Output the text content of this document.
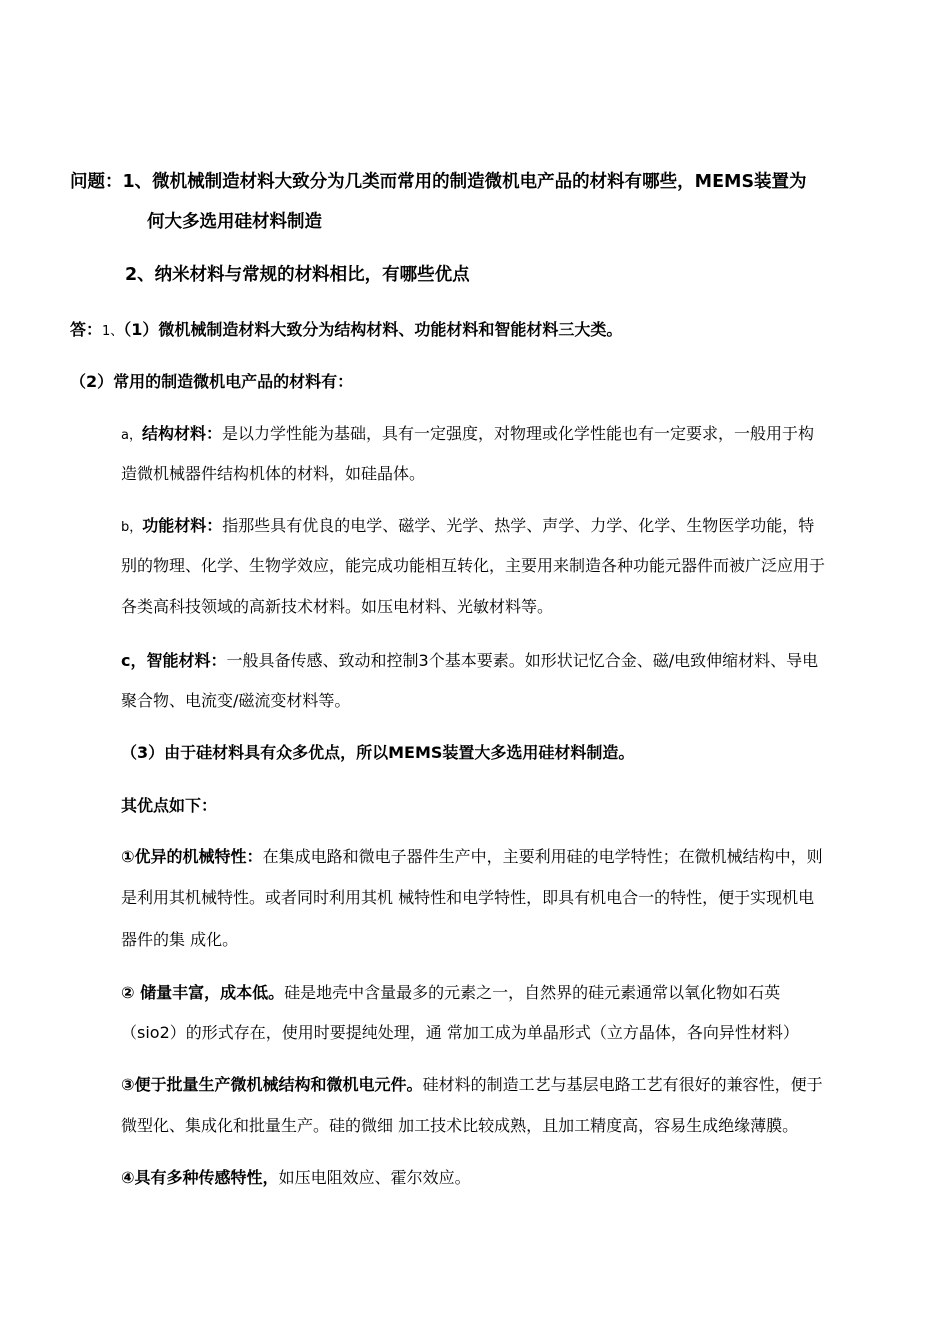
问题：1、微机械制造材料大致分为几类而常用的制造微机电产品的材料有哪些，MEMS装置为
何大多选用硅材料制造
2、纳米材料与常规的材料相比，有哪些优点
答：1、（1）微机械制造材料大致分为结构材料、功能材料和智能材料三大类。
（2）常用的制造微机电产品的材料有：
a，结构材料：是以力学性能为基础，具有一定强度，对物理或化学性能也有一定要求，一般用于构
造微机械器件结构机体的材料，如硅晶体。
b，功能材料：指那些具有优良的电学、磁学、光学、热学、声学、力学、化学、生物医学功能，特
别的物理、化学、生物学效应，能完成功能相互转化，主要用来制造各种功能元器件而被广泛应用于
各类高科技领域的高新技术材料。如压电材料、光敏材料等。
c，智能材料：一般具备传感、致动和控制3个基本要素。如形状记忆合金、磁/电致伸缩材料、导电
聚合物、电流变/磁流变材料等。
（3）由于硅材料具有众多优点，所以MEMS装置大多选用硅材料制造。
其优点如下：
①优异的机械特性：在集成电路和微电子器件生产中，主要利用硅的电学特性；在微机械结构中，则
是利用其机械特性。或者同时利用其机 械特性和电学特性，即具有机电合一的特性，便于实现机电
器件的集 成化。
② 储量丰富，成本低。硅是地壳中含量最多的元素之一，自然界的硅元素通常以氧化物如石英
（sio2）的形式存在，使用时要提纯处理，通 常加工成为单晶形式（立方晶体，各向异性材料）
③便于批量生产微机械结构和微机电元件。硅材料的制造工艺与基层电路工艺有很好的兼容性，便于
微型化、集成化和批量生产。硅的微细 加工技术比较成熟，且加工精度高，容易生成绝缘薄膜。
④具有多种传感特性，如压电阻效应、霍尔效应。
